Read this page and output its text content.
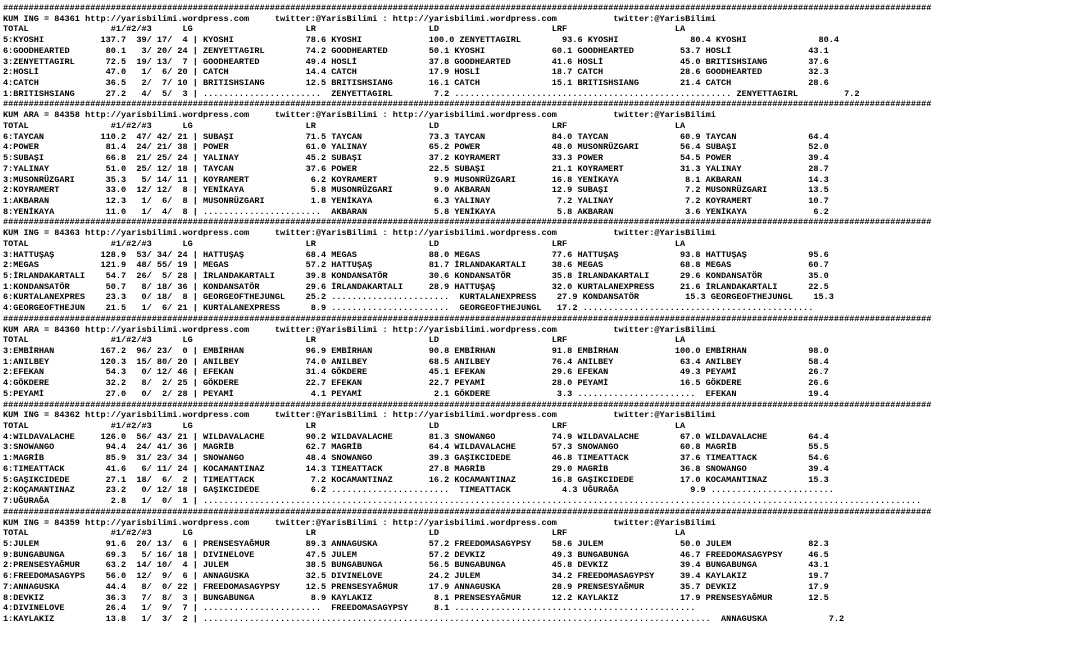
#####################################################################################################################################################################################
KUM ING = 84361 http://yarisbilimi.wordpress.com     twitter:@YarisBilimi : http://yarisbilimi.wordpress.com           twitter:@YarisBilimi
TOTAL                #1/#2/#3      LG                      LR                      LD                      LRF                     LA
5:KYOSHI           137.7  39/ 17/  4 | KYOSHI              78.6 KYOSHI             100.0 ZENYETTAGIRL        93.6 KYOSHI              80.4 KYOSHI              80.4
6:GOODHEARTED       80.1   3/ 20/ 24 | ZENYETTAGIRL        74.2 GOODHEARTED        50.1 KYOSHI             60.1 GOODHEARTED         53.7 HOSLİ               43.1
3:ZENYETTAGIRL      72.5  19/ 13/  7 | GOODHEARTED         49.4 HOSLİ              37.8 GOODHEARTED        41.6 HOSLİ               45.0 BRITISHSIANG        37.6
2:HOSLİ             47.0   1/  6/ 20 | CATCH               14.4 CATCH              17.9 HOSLİ              18.7 CATCH               28.6 GOODHEARTED         32.3
4:CATCH             36.5   2/  7/ 10 | BRITISHSIANG        12.5 BRITISHSIANG       16.1 CATCH              15.1 BRITISHSIANG        21.4 CATCH               28.6
1:BRITISHSIANG      27.2   4/  5/  3 | .......................  ZENYETTAGIRL        7.2 ...................................................... ZENYETTAGIRL         7.2
#####################################################################################################################################################################################
KUM ARA = 84358 http://yarisbilimi.wordpress.com     twitter:@YarisBilimi : http://yarisbilimi.wordpress.com           twitter:@YarisBilimi
TOTAL                #1/#2/#3      LG                      LR                      LD                      LRF                     LA
6:TAYCAN           110.2  47/ 42/ 21 | SUBAŞI              71.5 TAYCAN             73.3 TAYCAN             84.0 TAYCAN              60.9 TAYCAN              64.4
4:POWER             81.4  24/ 21/ 38 | POWER               61.0 YALINAY            65.2 POWER              48.0 MUSONRÜZGARI        56.4 SUBAŞI              52.0
5:SUBAŞI            66.8  21/ 25/ 24 | YALINAY             45.2 SUBAŞI             37.2 KOYRAMERT          33.3 POWER               54.5 POWER               39.4
7:YALINAY           51.0  25/ 12/ 18 | TAYCAN              37.6 POWER              22.5 SUBAŞI             21.1 KOYRAMERT           31.3 YALINAY             28.7
3:MUSONRÜZGARI      35.3   5/ 14/ 11 | KOYRAMERT            6.2 KOYRAMERT           9.9 MUSONRÜZGARI       16.8 YENİKAYA             8.1 AKBARAN             14.3
2:KOYRAMERT         33.0  12/ 12/  8 | YENİKAYA             5.8 MUSONRÜZGARI        9.0 AKBARAN            12.9 SUBAŞI               7.2 MUSONRÜZGARI        13.5
1:AKBARAN           12.3   1/  6/  8 | MUSONRÜZGARI         1.8 YENİKAYA            6.3 YALINAY             7.2 YALINAY              7.2 KOYRAMERT           10.7
8:YENİKAYA          11.0   1/  4/  8 | .......................  AKBARAN             5.8 YENİKAYA            5.8 AKBARAN              3.6 YENİKAYA             6.2
#####################################################################################################################################################################################
KUM ING = 84363 http://yarisbilimi.wordpress.com     twitter:@YarisBilimi : http://yarisbilimi.wordpress.com           twitter:@YarisBilimi
TOTAL                #1/#2/#3      LG                      LR                      LD                      LRF                     LA
3:HATTUŞAŞ         128.9  53/ 34/ 24 | HATTUŞAŞ            68.4 MEGAS              88.0 MEGAS              77.6 HATTUŞAŞ            93.8 HATTUŞAŞ            95.6
2:MEGAS            121.9  48/ 55/ 19 | MEGAS               57.2 HATTUŞAŞ           81.7 İRLANDAKARTALI     38.6 MEGAS               68.8 MEGAS               60.7
5:İRLANDAKARTALI    54.7  26/  5/ 28 | İRLANDAKARTALI      39.8 KONDANSATÖR        30.6 KONDANSATÖR        35.8 İRLANDAKARTALI      29.6 KONDANSATÖR         35.0
1:KONDANSATÖR       50.7   8/ 18/ 36 | KONDANSATÖR         29.6 İRLANDAKARTALI     28.9 HATTUŞAŞ           32.0 KURTALANEXPRESS     21.6 İRLANDAKARTALI      22.5
6:KURTALANEXPRES    23.3   0/ 18/  8 | GEORGEOFTHEJUNGL    25.2 .......................  KURTALANEXPRESS    27.9 KONDANSATÖR         15.3 GEORGEOFTHEJUNGL    15.3
4:GEORGEOFTHEJUN    21.5   1/  6/ 21 | KURTALANEXPRESS      8.9 .......................  GEORGEOFTHEJUNGL   17.2 .............................................
#####################################################################################################################################################################################
KUM ARA = 84360 http://yarisbilimi.wordpress.com     twitter:@YarisBilimi : http://yarisbilimi.wordpress.com           twitter:@YarisBilimi
TOTAL                #1/#2/#3      LG                      LR                      LD                      LRF                     LA
3:EMBİRHAN         167.2  96/ 23/  0 | EMBİRHAN            96.9 EMBİRHAN           90.8 EMBİRHAN           91.8 EMBİRHAN           100.0 EMBİRHAN            98.0
1:ANILBEY          120.3  15/ 80/ 20 | ANILBEY             74.0 ANILBEY            68.5 ANILBEY            76.4 ANILBEY             63.4 ANILBEY             58.4
2:EFEKAN            54.3   0/ 12/ 46 | EFEKAN              31.4 GÖKDERE            45.1 EFEKAN             29.6 EFEKAN              49.3 PEYAMİ              26.7
4:GÖKDERE           32.2   8/  2/ 25 | GÖKDERE             22.7 EFEKAN             22.7 PEYAMİ             28.0 PEYAMİ              16.5 GÖKDERE             26.6
5:PEYAMİ            27.0   0/  2/ 28 | PEYAMİ               4.1 PEYAMİ              2.1 GÖKDERE             3.3 .......................  EFEKAN              19.4
#####################################################################################################################################################################################
KUM ING = 84362 http://yarisbilimi.wordpress.com     twitter:@YarisBilimi : http://yarisbilimi.wordpress.com           twitter:@YarisBilimi
TOTAL                #1/#2/#3      LG                      LR                      LD                      LRF                     LA
4:WILDAVALACHE     126.0  56/ 43/ 21 | WILDAVALACHE        90.2 WILDAVALACHE       81.3 SNOWANGO           74.9 WILDAVALACHE        67.0 WILDAVALACHE        64.4
3:SNOWANGO          94.4  24/ 41/ 36 | MAGRİB              62.7 MAGRİB             64.4 WILDAVALACHE       57.3 SNOWANGO            60.8 MAGRİB              55.5
1:MAGRİB            85.9  31/ 23/ 34 | SNOWANGO            48.4 SNOWANGO           39.3 GAŞIKCIDEDE        46.8 TIMEATTACK          37.6 TIMEATTACK          54.6
6:TIMEATTACK        41.6   6/ 11/ 24 | KOCAMANTINAZ        14.3 TIMEATTACK         27.8 MAGRİB             29.0 MAGRİB              36.8 SNOWANGO            39.4
5:GAŞIKCIDEDE       27.1  18/  6/  2 | TIMEATTACK           7.2 KOCAMANTINAZ       16.2 KOCAMANTINAZ       16.8 GAŞIKCIDEDE         17.0 KOCAMANTINAZ        15.3
2:KOÇAMANTINAZ      23.2   0/ 12/ 18 | GAŞIKCIDEDE          6.2 .......................  TIMEATTACK          4.3 UĞURAĞA              9.9 ........................
7:UĞURAĞA            2.8   1/  0/  1 | ............................................................................................................................................
#####################################################################################################################################################################################
KUM ING = 84359 http://yarisbilimi.wordpress.com     twitter:@YarisBilimi : http://yarisbilimi.wordpress.com           twitter:@YarisBilimi
TOTAL                #1/#2/#3      LG                      LR                      LD                      LRF                     LA
5:JULEM             91.6  20/ 13/  6 | PRENSESYAĞMUR       89.3 ANNAGUSKA          57.2 FREEDOMASAGYPSY    58.6 JULEM               50.0 JULEM               82.3
9:BUNGABUNGA        69.3   5/ 16/ 18 | DIVINELOVE          47.5 JULEM              57.2 DEVKIZ             49.3 BUNGABUNGA          46.7 FREEDOMASAGYPSY     46.5
2:PRENSESYAĞMUR     63.2  14/ 10/  4 | JULEM               38.5 BUNGABUNGA         56.5 BUNGABUNGA         45.8 DEVKIZ              39.4 BUNGABUNGA          43.1
6:FREEDOMASAGYPS    56.0  12/  9/  6 | ANNAGUSKA           32.5 DIVINELOVE         24.2 JULEM              34.2 FREEDOMASAGYPSY     39.4 KAYLAKIZ            19.7
7:ANNAGUSKA         44.4   8/  0/ 22 | FREEDOMASAGYPSY     12.5 PRENSESYAĞMUR      17.9 ANNAGUSKA          28.9 PRENSESYAĞMUR       35.7 DEVKIZ              17.9
8:DEVKIZ            36.3   7/  8/  3 | BUNGABUNGA           8.9 KAYLAKIZ            8.1 PRENSESYAĞMUR      12.2 KAYLAKIZ            17.9 PRENSESYAĞMUR       12.5
4:DIVINELOVE        26.4   1/  9/  7 | .......................  FREEDOMASAGYPSY     8.1 ...............................................
1:KAYLAKIZ          13.8   1/  3/  2 | ...................................................................................................  ANNAGUSKA            7.2
